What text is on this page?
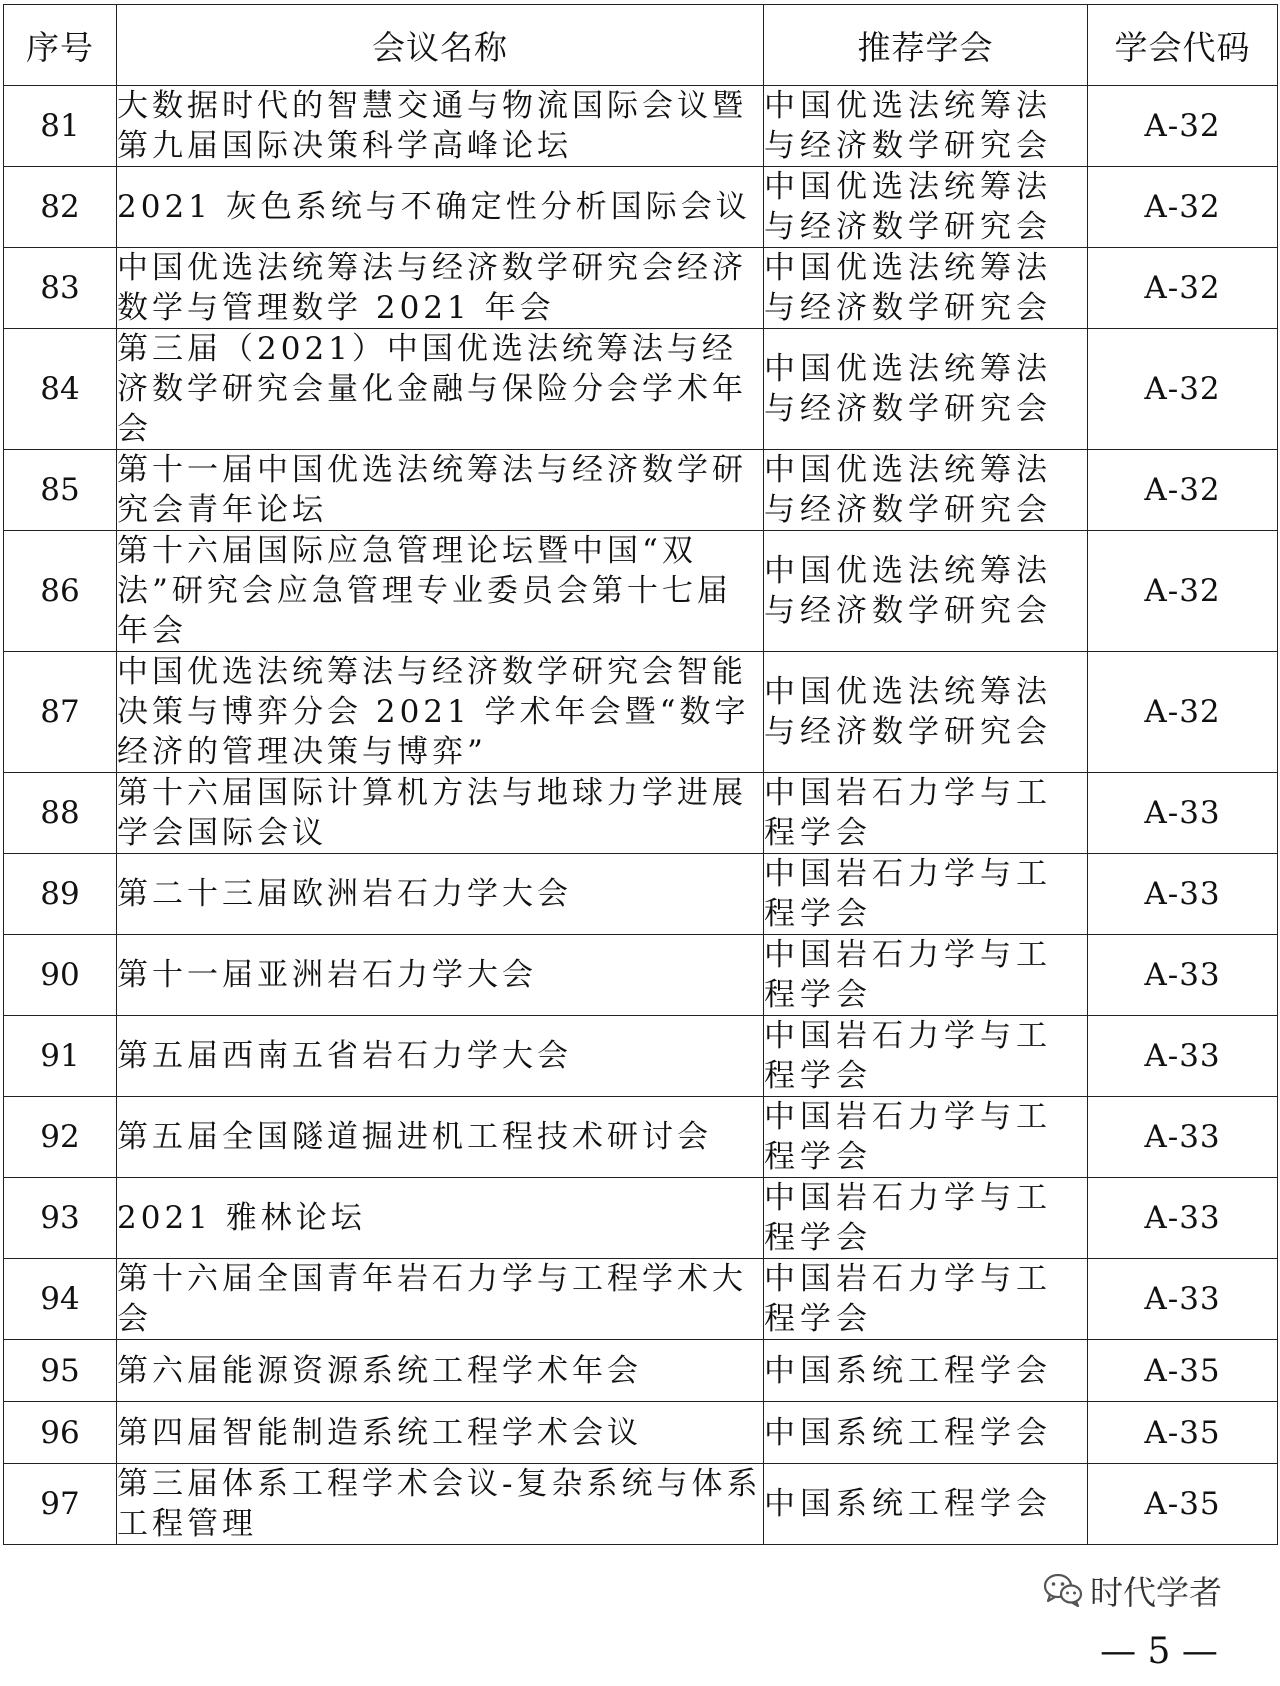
序号	会议名称	推荐学会	学会代码
81	大数据时代的智慧交通与物流国际会议暨第九届国际决策科学高峰论坛	中国优选法统筹法与经济数学研究会	A-32
82	2021 灰色系统与不确定性分析国际会议	中国优选法统筹法与经济数学研究会	A-32
83	中国优选法统筹法与经济数学研究会经济数学与管理数学 2021 年会	中国优选法统筹法与经济数学研究会	A-32
84	第三届（2021）中国优选法统筹法与经济数学研究会量化金融与保险分会学术年会	中国优选法统筹法与经济数学研究会	A-32
85	第十一届中国优选法统筹法与经济数学研究会青年论坛	中国优选法统筹法与经济数学研究会	A-32
86	第十六届国际应急管理论坛暨中国“双法”研究会应急管理专业委员会第十七届年会	中国优选法统筹法与经济数学研究会	A-32
87	中国优选法统筹法与经济数学研究会智能决策与博弈分会 2021 学术年会暨“数字经济的管理决策与博弈”	中国优选法统筹法与经济数学研究会	A-32
88	第十六届国际计算机方法与地球力学进展学会国际会议	中国岩石力学与工程学会	A-33
89	第二十三届欧洲岩石力学大会	中国岩石力学与工程学会	A-33
90	第十一届亚洲岩石力学大会	中国岩石力学与工程学会	A-33
91	第五届西南五省岩石力学大会	中国岩石力学与工程学会	A-33
92	第五届全国隧道掘进机工程技术研讨会	中国岩石力学与工程学会	A-33
93	2021 雅林论坛	中国岩石力学与工程学会	A-33
94	第十六届全国青年岩石力学与工程学术大会	中国岩石力学与工程学会	A-33
95	第六届能源资源系统工程学术年会	中国系统工程学会	A-35
96	第四届智能制造系统工程学术会议	中国系统工程学会	A-35
97	第三届体系工程学术会议-复杂系统与体系工程管理	中国系统工程学会	A-35
时代学者
— 5 —
